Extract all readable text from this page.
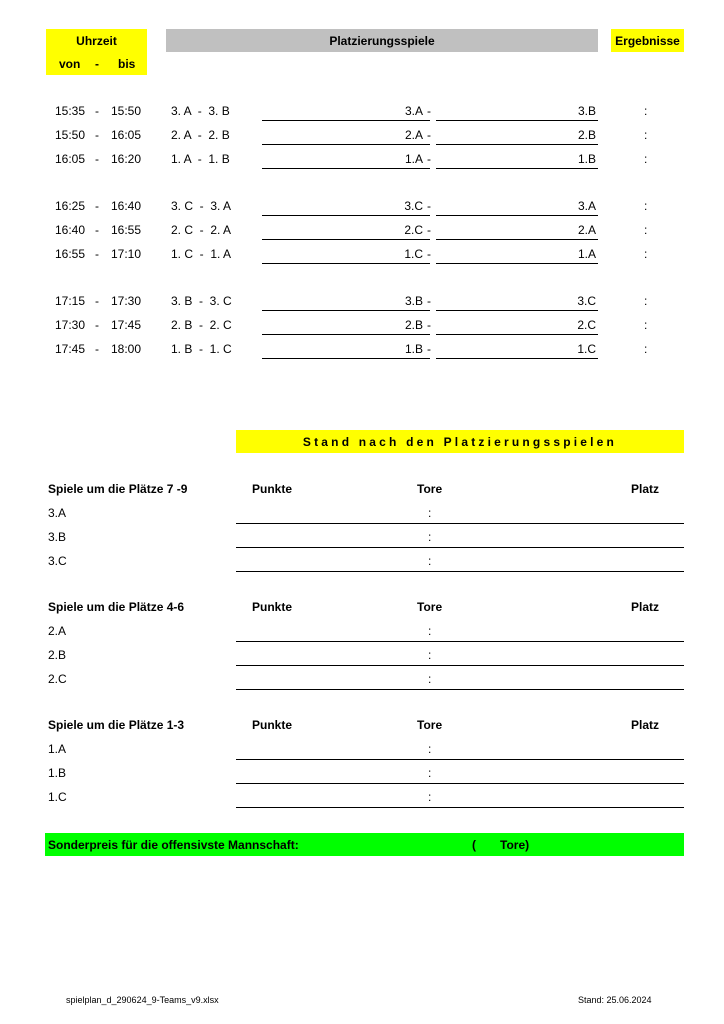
Uhrzeit
von - bis
Platzierungsspiele	Ergebnisse
15:35 - 15:50 3. A  -  3. B	3.A -	3.B	:
15:50 - 16:05 2. A  -  2. B	2.A -	2.B	:
16:05 - 16:20 1. A  -  1. B	1.A -	1.B	:
16:25 - 16:40 3. C  -  3. A	3.C -	3.A	:
16:40 - 16:55 2. C  -  2. A	2.C -	2.A	:
16:55 - 17:10 1. C  -  1. A	1.C -	1.A	:
17:15 - 17:30 3. B  -  3. C	3.B -	3.C	:
17:30 - 17:45 2. B  -  2. C	2.B -	2.C	:
17:45 - 18:00 1. B  -  1. C	1.B -	1.C	:
Stand nach den Platzierungsspielen
Spiele um die Plätze 7 -9	Punkte	Tore	Platz
3.A	:
3.B	:
3.C	:
Spiele um die Plätze 4-6	Punkte	Tore	Platz
2.A	:
2.B	:
2.C	:
Spiele um die Plätze 1-3	Punkte	Tore	Platz
1.A	:
1.B	:
1.C	:
Sonderpreis für die offensivste Mannschaft:	( Tore)
spielplan_d_290624_9-Teams_v9.xlsx	Stand: 25.06.2024
